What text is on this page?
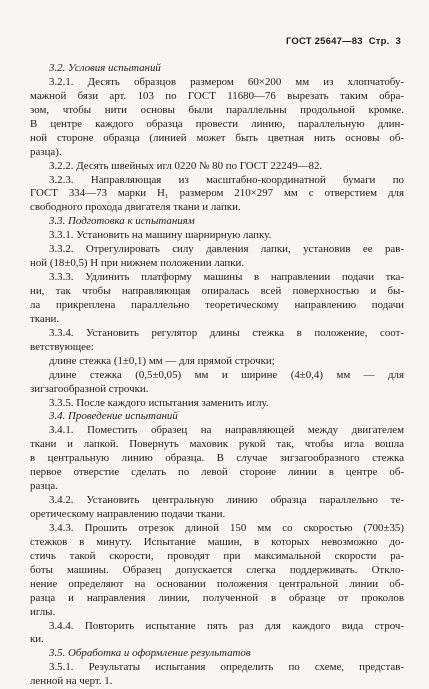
ГОСТ 25647—83 Стр. 3
3.2. Условия испытаний
3.2.1. Десять образцов размером 60×200 мм из хлопчатобу-
мажной бязи арт. 103 по ГОСТ 11680—76 вырезать таким обра-
зом, чтобы нити основы были параллельны продольной кромке.
В центре каждого образца провести линию, параллельную длин-
ной стороне образца (линией может быть цветная нить основы об-
разца).
3.2.2. Десять швейных игл 0220 № 80 по ГОСТ 22249—82.
3.2.3. Направляющая из масштабно-координатной бумаги по
ГОСТ 334—73 марки Н₁ размером 210×297 мм с отверстием для
свободного прохода двигателя ткани и лапки.
3.3. Подготовка к испытаниям
3.3.1. Установить на машину шарнирную лапку.
3.3.2. Отрегулировать силу давления лапки, установив ее рав-
ной (18±0,5) Н при нижнем положении лапки.
3.3.3. Удлинить платформу машины в направлении подачи тка-
ни, так чтобы направляющая опиралась всей поверхностью и бы-
ла прикреплена параллельно теоретическому направлению подачи
ткани.
3.3.4. Установить регулятор длины стежка в положение, соот-
ветствующее:
длине стежка (1±0,1) мм — для прямой строчки;
длине стежка (0,5±0,05) мм и ширине (4±0,4) мм — для
зигзагообразной строчки.
3.3.5. После каждого испытания заменить иглу.
3.4. Проведение испытаний
3.4.1. Поместить образец на направляющей между двигателем
ткани и лапкой. Повернуть маховик рукой так, чтобы игла вошла
в центральную линию образца. В случае зигзагообразного стежка
первое отверстие сделать по левой стороне линии в центре об-
разца.
3.4.2. Установить центральную линию образца параллельно те-
оретическому направлению подачи ткани.
3.4.3. Прошить отрезок длиной 150 мм со скоростью (700±35)
стежков в минуту. Испытание машин, в которых невозможно до-
стичь такой скорости, проводят при максимальной скорости ра-
боты машины. Образец допускается слегка поддерживать. Откло-
нение определяют на основании положения центральной линии об-
разца и направления линии, полученной в образце от проколов
иглы.
3.4.4. Повторить испытание пять раз для каждого вида строч-
ки.
3.5. Обработка и оформление результатов
3.5.1. Результаты испытания определить по схеме, представ-
ленной на черт. 1.
